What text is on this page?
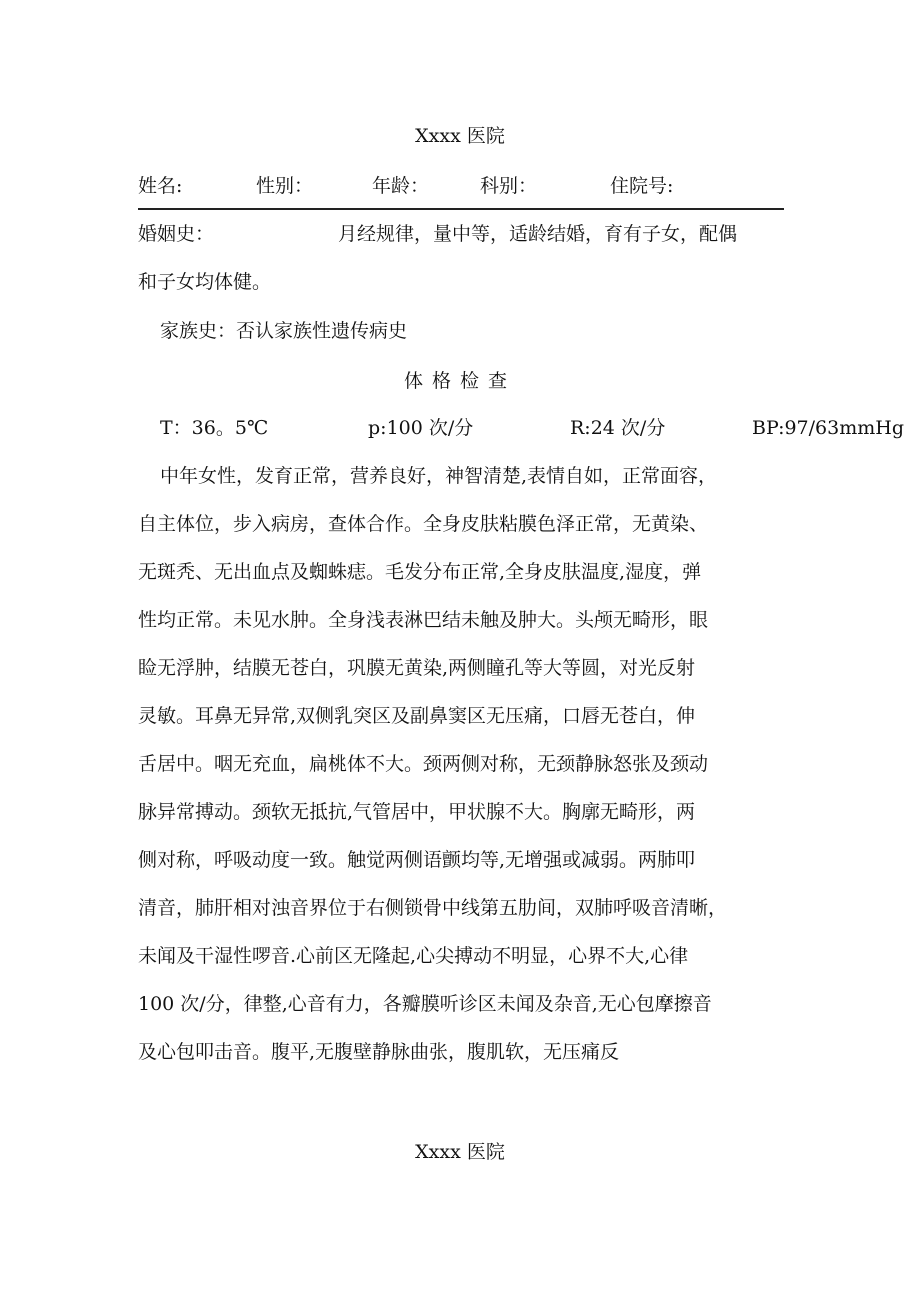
Xxxx 医院
姓名:	性别：	年龄：	科别：	住院号:
婚姻史：	月经规律，量中等，适龄结婚，育有子女，配偶
和子女均体健。
家族史：否认家族性遗传病史
体格检查
T：36。5℃	p:100 次/分	R:24 次/分	BP:97/63mmHg
中年女性，发育正常，营养良好，神智清楚,表情自如，正常面容，
自主体位，步入病房，查体合作。全身皮肤粘膜色泽正常，无黄染、
无斑秃、无出血点及蜘蛛痣。毛发分布正常,全身皮肤温度,湿度，弹
性均正常。未见水肿。全身浅表淋巴结未触及肿大。头颅无畸形，眼
睑无浮肿，结膜无苍白，巩膜无黄染,两侧瞳孔等大等圆，对光反射
灵敏。耳鼻无异常,双侧乳突区及副鼻窦区无压痛，口唇无苍白，伸
舌居中。咽无充血，扁桃体不大。颈两侧对称，无颈静脉怒张及颈动
脉异常搏动。颈软无抵抗,气管居中，甲状腺不大。胸廓无畸形，两
侧对称，呼吸动度一致。触觉两侧语颤均等,无增强或减弱。两肺叩
清音，肺肝相对浊音界位于右侧锁骨中线第五肋间，双肺呼吸音清晰，
未闻及干湿性啰音.心前区无隆起,心尖搏动不明显，心界不大,心律
100 次/分，律整,心音有力，各瓣膜听诊区未闻及杂音,无心包摩擦音
及心包叩击音。腹平,无腹壁静脉曲张，腹肌软，无压痛反
Xxxx 医院
